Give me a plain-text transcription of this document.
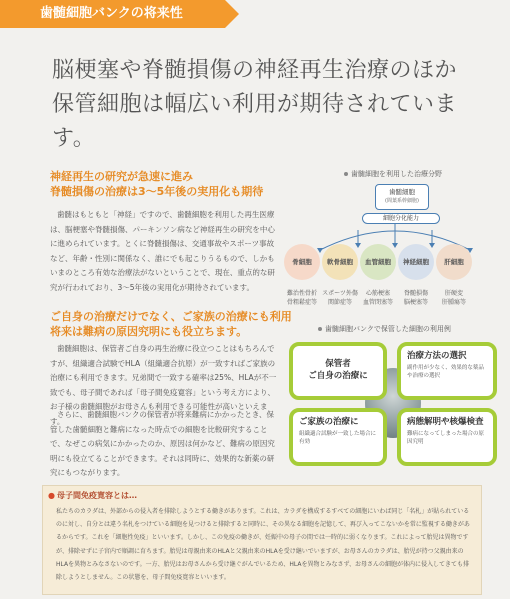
歯髄細胞バンクの将来性
脳梗塞や脊髄損傷の神経再生治療のほか
保管細胞は幅広い利用が期待されています。
神経再生の研究が急速に進み
脊髄損傷の治療は3〜5年後の実用化も期待
歯髄はもともと「神経」ですので、歯髄細胞を利用した再生医療は、脳梗塞や脊髄損傷、パーキンソン病など神経再生の研究を中心に進められています。とくに脊髄損傷は、交通事故やスポーツ事故など、年齢・性別に関係なく、誰にでも起こりうるもので、しかもいまのところ有効な治療法がないということで、現在、重点的な研究が行われており、3〜5年後の実用化が期待されています。
ご自身の治療だけでなく、ご家族の治療にも利用
将来は難病の原因究明にも役立ちます。
歯髄細胞は、保管者ご自身の再生治療に役立つことはもちろんですが、組織適合試験でHLA（組織適合抗原）が一致すればご家族の治療にも利用できます。兄弟間で一致する確率は25%、HLAが不一致でも、母子間であれば「母子間免疫寛容」という考え方により、お子様の歯髄細胞がお母さんも利用できる可能性が高いといえます。
さらに、歯髄細胞バンクの保管者が将来難病にかかったとき、保管した歯髄細胞と難病になった時点での細胞を比較研究することで、なぜこの病気にかかったのか、原因は何かなど、難病の原因究明にも役立てることができます。それは同時に、効果的な新薬の研究にもつながります。
歯髄細胞を利用した治療分野
歯髄細胞
(間葉系幹細胞)
細胞分化能力
骨細胞
難治性骨折
骨粗鬆症等
軟骨細胞
スポーツ外傷
関節症等
血管細胞
心筋梗塞
血管閉塞等
神経細胞
脊髄損傷
脳梗塞等
肝細胞
肝硬変
肝腫瘍等
歯髄細胞バンクで保管した細胞の利用例
保管者
ご自身の治療に
治療方法の選択
副作用が少なく、効果的な薬品や治療の選択
ご家族の治療に
組織適合試験が一致した場合に有効
病態解明や核爆検査
難病になってしまった場合の原因究明
● 母子間免疫寛容とは…
私たちのカラダは、外部からの侵入者を排除しようとする働きがあります。これは、カラダを構成するすべての細胞にいわば同じ「名札」が貼られているのに対し、自分とは違う名札をつけている細胞を見つけると排除すると同時に、その異なる細胞を記憶して、再び入ってこないかを常に監視する働きがあるからです。これを「細胞性免疫」といいます。しかし、この免疫の働きが、妊娠中の母子の間では一時的に弱くなります。これによって胎児は異物ですが、排除せずに子宮内で順調に育ちます。胎児は母親由来のHLAと父親由来のHLAを受け継いでいますが、お母さんのカラダは、胎児が持つ父親由来のHLAを異物とみなさないのです。一方、胎児はお母さんから受け継ぐがんでいるため、HLAを異物とみなさず、お母さんの細胞が体内に侵入してきても排除しようとしません。この状態を、母子間免疫寛容といいます。
